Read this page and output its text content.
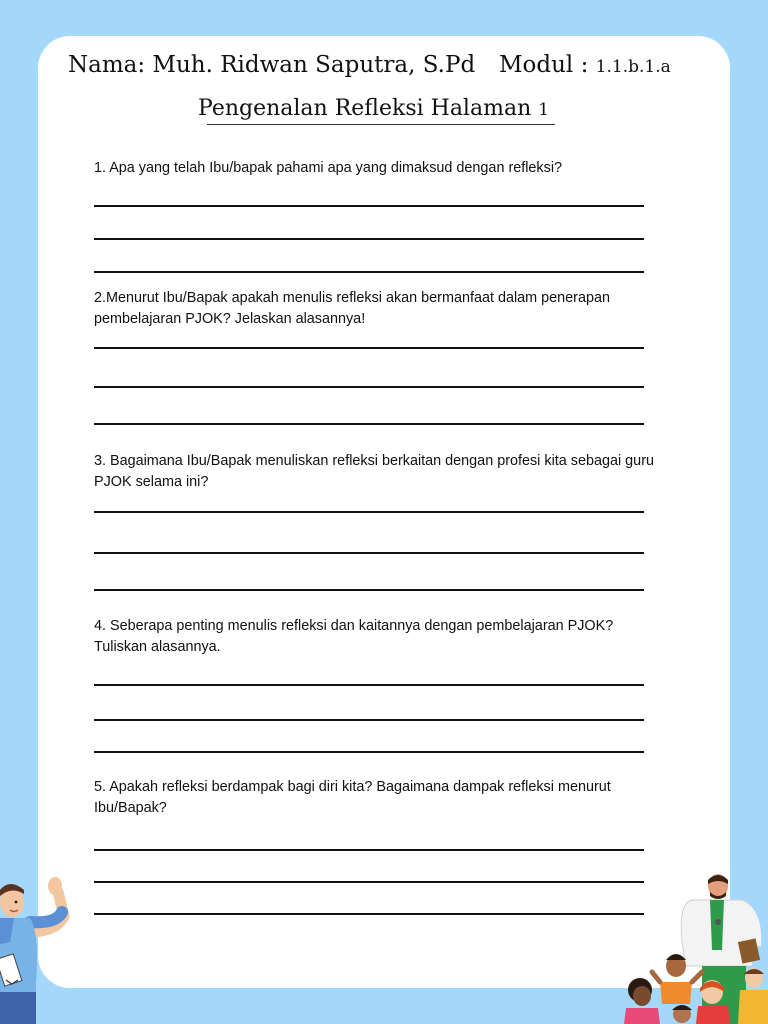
Nama: Muh. Ridwan Saputra, S.Pd Modul : 1.1.b.1.a
Pengenalan Refleksi Halaman 1
1. Apa yang telah Ibu/bapak pahami apa yang dimaksud dengan refleksi?
2.Menurut Ibu/Bapak apakah menulis refleksi akan bermanfaat dalam penerapan pembelajaran PJOK? Jelaskan alasannya!
3. Bagaimana Ibu/Bapak menuliskan refleksi berkaitan dengan profesi kita sebagai guru PJOK selama ini?
4. Seberapa penting menulis refleksi dan kaitannya dengan pembelajaran PJOK? Tuliskan alasannya.
5. Apakah refleksi berdampak bagi diri kita? Bagaimana dampak refleksi menurut Ibu/Bapak?
